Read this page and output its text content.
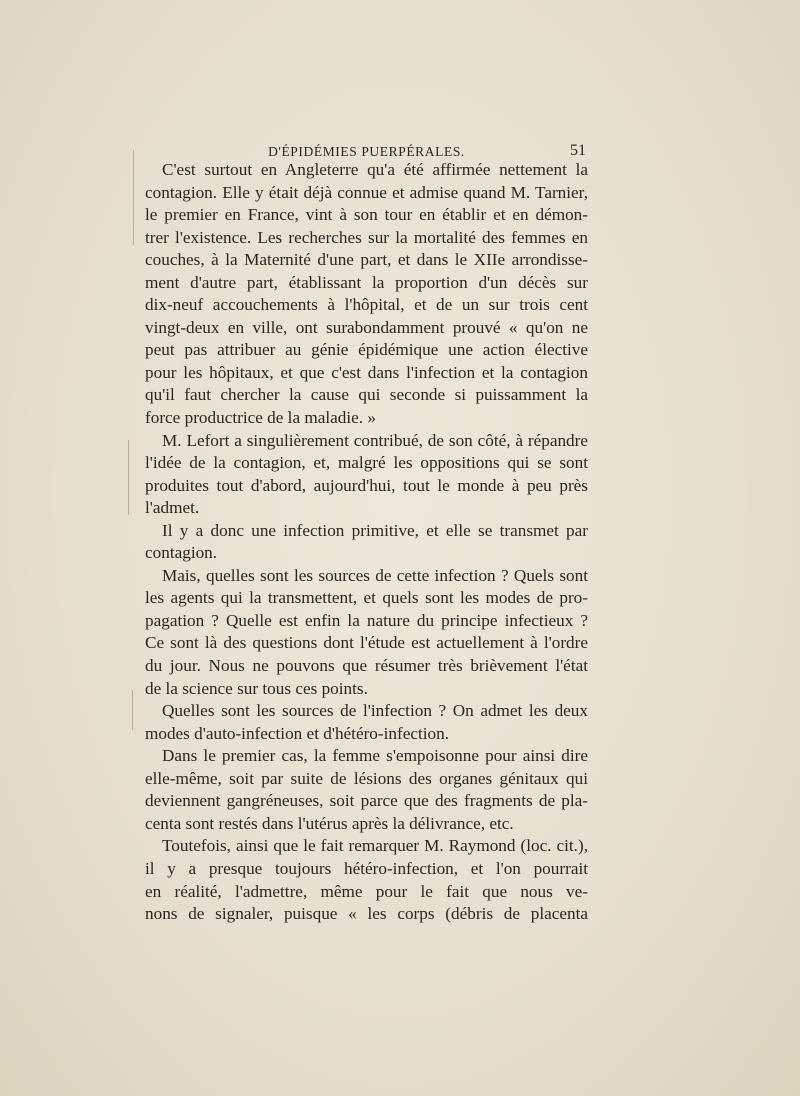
D'ÉPIDÉMIES PUERPÉRALES.	51
C'est surtout en Angleterre qu'a été affirmée nettement la
contagion. Elle y était déjà connue et admise quand M. Tarnier,
le premier en France, vint à son tour en établir et en démon-
trer l'existence. Les recherches sur la mortalité des femmes en
couches, à la Maternité d'une part, et dans le XIIe arrondisse-
ment d'autre part, établissant la proportion d'un décès sur
dix-neuf accouchements à l'hôpital, et de un sur trois cent
vingt-deux en ville, ont surabondamment prouvé « qu'on ne
peut pas attribuer au génie épidémique une action élective
pour les hôpitaux, et que c'est dans l'infection et la contagion
qu'il faut chercher la cause qui seconde si puissamment la
force productrice de la maladie. »
M. Lefort a singulièrement contribué, de son côté, à répandre
l'idée de la contagion, et, malgré les oppositions qui se sont
produites tout d'abord, aujourd'hui, tout le monde à peu près
l'admet.
Il y a donc une infection primitive, et elle se transmet par
contagion.
Mais, quelles sont les sources de cette infection ? Quels sont
les agents qui la transmettent, et quels sont les modes de pro-
pagation ? Quelle est enfin la nature du principe infectieux ?
Ce sont là des questions dont l'étude est actuellement à l'ordre
du jour. Nous ne pouvons que résumer très brièvement l'état
de la science sur tous ces points.
Quelles sont les sources de l'infection ? On admet les deux
modes d'auto-infection et d'hétéro-infection.
Dans le premier cas, la femme s'empoisonne pour ainsi dire
elle-même, soit par suite de lésions des organes génitaux qui
deviennent gangréneuses, soit parce que des fragments de pla-
centa sont restés dans l'utérus après la délivrance, etc.
Toutefois, ainsi que le fait remarquer M. Raymond (loc. cit.),
il y a presque toujours hétéro-infection, et l'on pourrait
en réalité, l'admettre, même pour le fait que nous ve-
nons de signaler, puisque « les corps (débris de placenta
